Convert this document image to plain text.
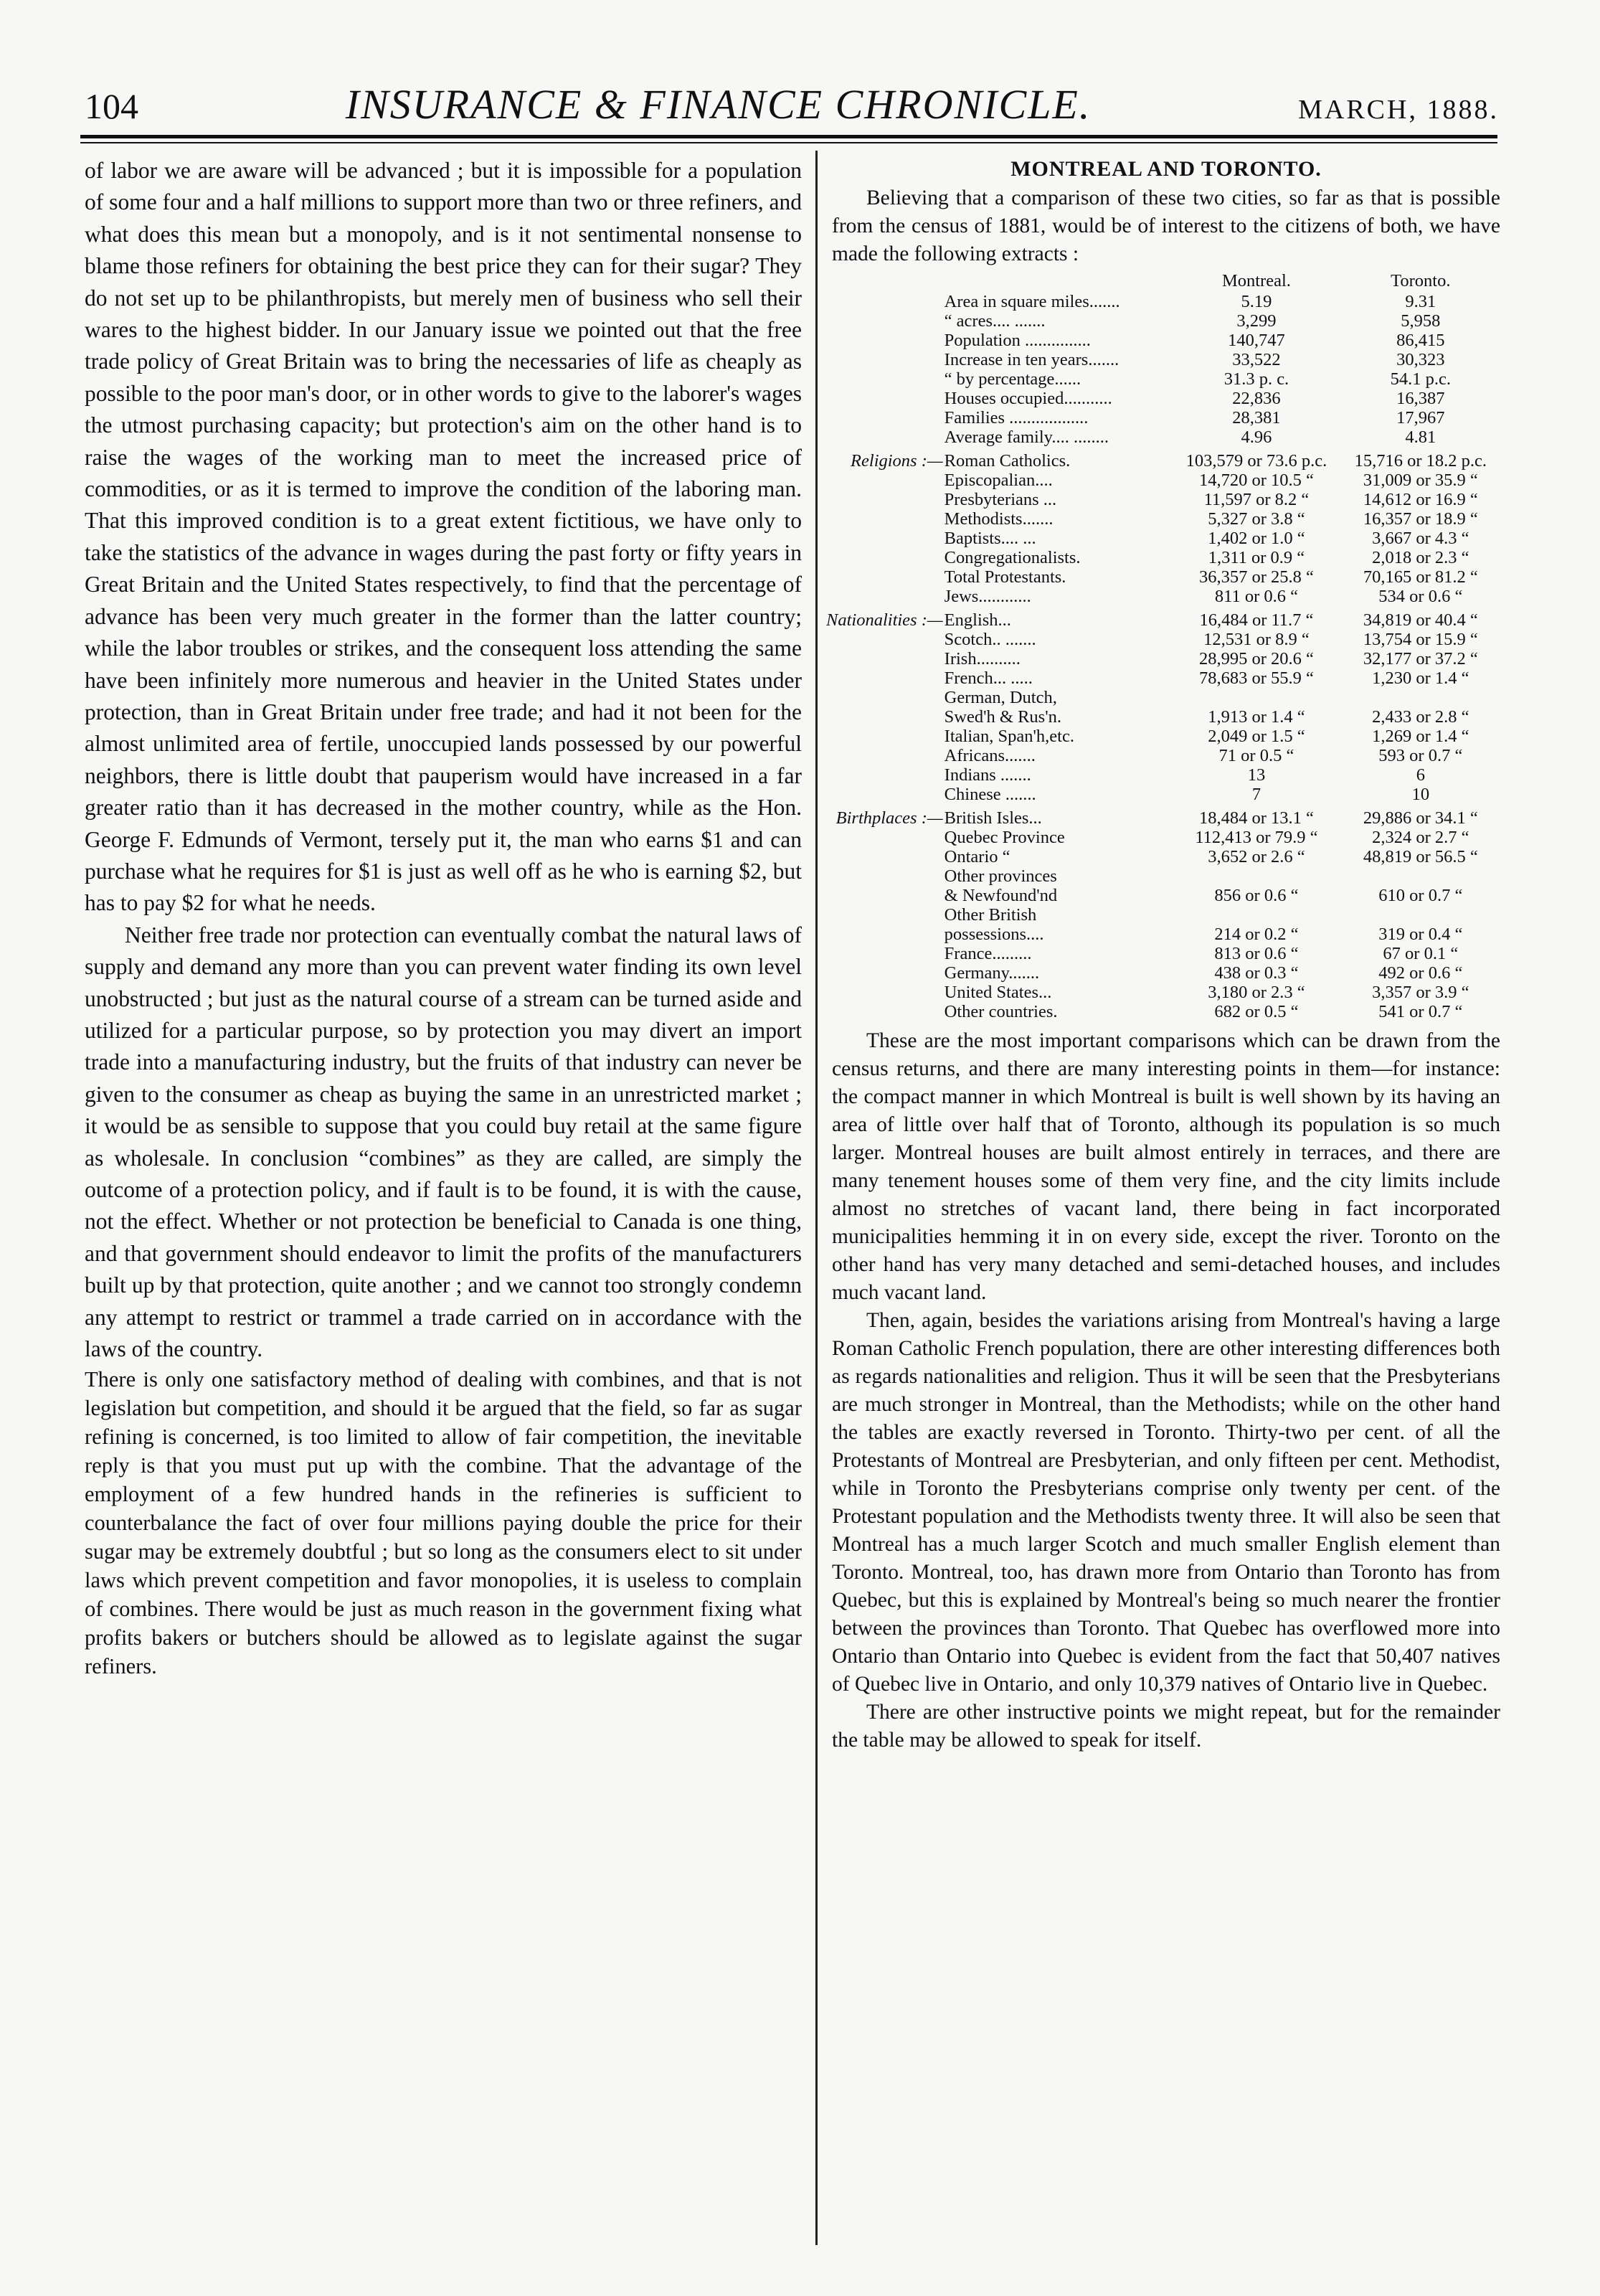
104	INSURANCE & FINANCE CHRONICLE.	MARCH, 1888.

of labor we are aware will be advanced ; but it is impossible for a population of some four and a half millions to support more than two or three refiners, and what does this mean but a monopoly, and is it not sentimental nonsense to blame those refiners for obtaining the best price they can for their sugar? They do not set up to be philanthropists, but merely men of business who sell their wares to the highest bidder. In our January issue we pointed out that the free trade policy of Great Britain was to bring the necessaries of life as cheaply as possible to the poor man's door, or in other words to give to the laborer's wages the utmost purchasing capacity; but protection's aim on the other hand is to raise the wages of the working man to meet the increased price of commodities, or as it is termed to improve the condition of the laboring man. That this improved condition is to a great extent fictitious, we have only to take the statistics of the advance in wages during the past forty or fifty years in Great Britain and the United States respectively, to find that the percentage of advance has been very much greater in the former than the latter country; while the labor troubles or strikes, and the consequent loss attending the same have been infinitely more numerous and heavier in the United States under protection, than in Great Britain under free trade; and had it not been for the almost unlimited area of fertile, unoccupied lands possessed by our powerful neighbors, there is little doubt that pauperism would have increased in a far greater ratio than it has decreased in the mother country, while as the Hon. George F. Edmunds of Vermont, tersely put it, the man who earns $1 and can purchase what he requires for $1 is just as well off as he who is earning $2, but has to pay $2 for what he needs.

Neither free trade nor protection can eventually combat the natural laws of supply and demand any more than you can prevent water finding its own level unobstructed ; but just as the natural course of a stream can be turned aside and utilized for a particular purpose, so by protection you may divert an import trade into a manufacturing industry, but the fruits of that industry can never be given to the consumer as cheap as buying the same in an unrestricted market ; it would be as sensible to suppose that you could buy retail at the same figure as wholesale. In conclusion “combines” as they are called, are simply the outcome of a protection policy, and if fault is to be found, it is with the cause, not the effect. Whether or not protection be beneficial to Canada is one thing, and that government should endeavor to limit the profits of the manufacturers built up by that protection, quite another ; and we cannot too strongly condemn any attempt to restrict or trammel a trade carried on in accordance with the laws of the country.

There is only one satisfactory method of dealing with combines, and that is not legislation but competition, and should it be argued that the field, so far as sugar refining is concerned, is too limited to allow of fair competition, the inevitable reply is that you must put up with the combine. That the advantage of the employment of a few hundred hands in the refineries is sufficient to counterbalance the fact of over four millions paying double the price for their sugar may be extremely doubtful ; but so long as the consumers elect to sit under laws which prevent competition and favor monopolies, it is useless to complain of combines. There would be just as much reason in the government fixing what profits bakers or butchers should be allowed as to legislate against the sugar refiners.

MONTREAL AND TORONTO.

Believing that a comparison of these two cities, so far as that is possible from the census of 1881, would be of interest to the citizens of both, we have made the following extracts :

		Montreal.	Toronto.
	Area in square miles.......	5.19	9.31
	“ acres.... .......	3,299	5,958
	Population ...............	140,747	86,415
	Increase in ten years.......	33,522	30,323
	“ by percentage......	31.3 p. c.	54.1 p.c.
	Houses occupied...........	22,836	16,387
	Families ..................	28,381	17,967
	Average family.... ........	4.96	4.81
Religions :—	Roman Catholics.	103,579 or 73.6 p.c.	15,716 or 18.2 p.c.
	Episcopalian....	14,720 or 10.5 “	31,009 or 35.9 “
	Presbyterians ...	11,597 or 8.2 “	14,612 or 16.9 “
	Methodists.......	5,327 or 3.8 “	16,357 or 18.9 “
	Baptists.... ...	1,402 or 1.0 “	3,667 or 4.3 “
	Congregationalists.	1,311 or 0.9 “	2,018 or 2.3 “
	Total Protestants.	36,357 or 25.8 “	70,165 or 81.2 “
	Jews............	811 or 0.6 “	534 or 0.6 “
Nationalities :—	English...	16,484 or 11.7 “	34,819 or 40.4 “
	Scotch.. .......	12,531 or 8.9 “	13,754 or 15.9 “
	Irish..........	28,995 or 20.6 “	32,177 or 37.2 “
	French... .....	78,683 or 55.9 “	1,230 or 1.4 “
	German, Dutch,		
	Swed'h & Rus'n.	1,913 or 1.4 “	2,433 or 2.8 “
	Italian, Span'h,etc.	2,049 or 1.5 “	1,269 or 1.4 “
	Africans.......	71 or 0.5 “	593 or 0.7 “
	Indians .......	13	6
	Chinese .......	7	10
Birthplaces :—	British Isles...	18,484 or 13.1 “	29,886 or 34.1 “
	Quebec Province	112,413 or 79.9 “	2,324 or 2.7 “
	Ontario “	3,652 or 2.6 “	48,819 or 56.5 “
	Other provinces		
	& Newfound'nd	856 or 0.6 “	610 or 0.7 “
	Other British		
	possessions....	214 or 0.2 “	319 or 0.4 “
	France.........	813 or 0.6 “	67 or 0.1 “
	Germany.......	438 or 0.3 “	492 or 0.6 “
	United States...	3,180 or 2.3 “	3,357 or 3.9 “
	Other countries.	682 or 0.5 “	541 or 0.7 “

These are the most important comparisons which can be drawn from the census returns, and there are many interesting points in them—for instance: the compact manner in which Montreal is built is well shown by its having an area of little over half that of Toronto, although its population is so much larger. Montreal houses are built almost entirely in terraces, and there are many tenement houses some of them very fine, and the city limits include almost no stretches of vacant land, there being in fact incorporated municipalities hemming it in on every side, except the river. Toronto on the other hand has very many detached and semi-detached houses, and includes much vacant land.

Then, again, besides the variations arising from Montreal's having a large Roman Catholic French population, there are other interesting differences both as regards nationalities and religion. Thus it will be seen that the Presbyterians are much stronger in Montreal, than the Methodists; while on the other hand the tables are exactly reversed in Toronto. Thirty-two per cent. of all the Protestants of Montreal are Presbyterian, and only fifteen per cent. Methodist, while in Toronto the Presbyterians comprise only twenty per cent. of the Protestant population and the Methodists twenty three. It will also be seen that Montreal has a much larger Scotch and much smaller English element than Toronto. Montreal, too, has drawn more from Ontario than Toronto has from Quebec, but this is explained by Montreal's being so much nearer the frontier between the provinces than Toronto. That Quebec has overflowed more into Ontario than Ontario into Quebec is evident from the fact that 50,407 natives of Quebec live in Ontario, and only 10,379 natives of Ontario live in Quebec.

There are other instructive points we might repeat, but for the remainder the table may be allowed to speak for itself.
